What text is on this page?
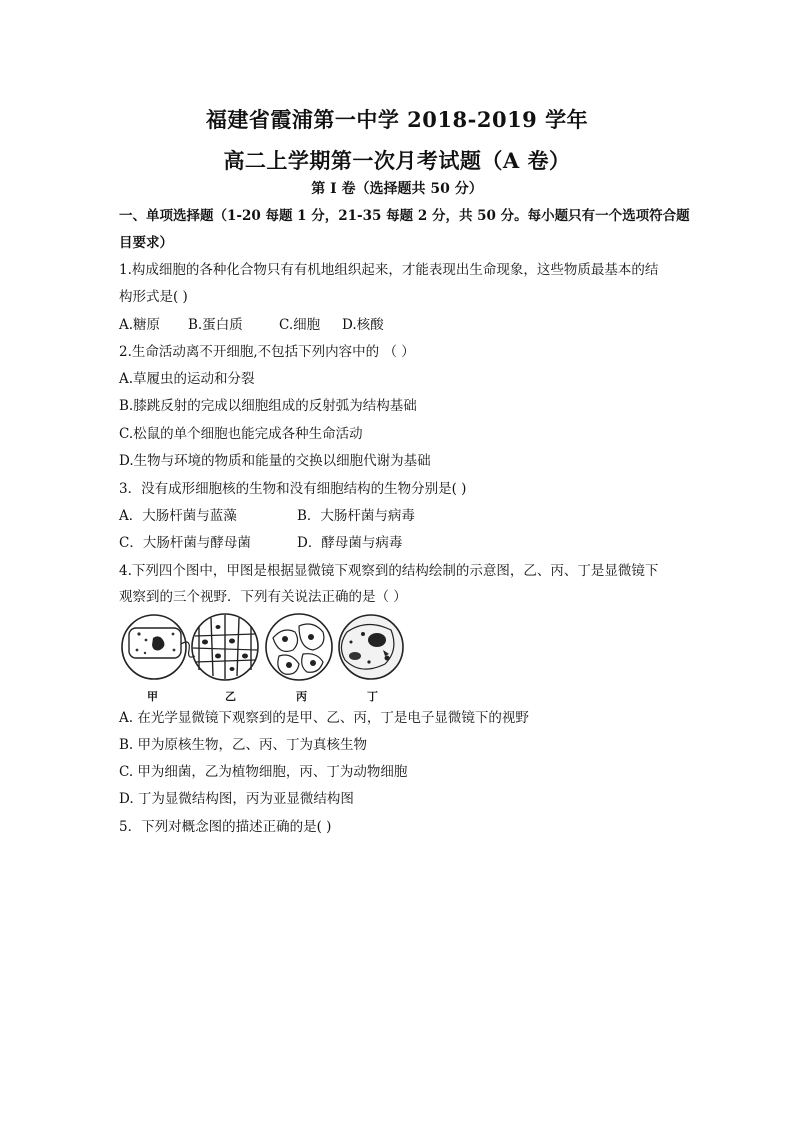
福建省霞浦第一中学 2018-2019 学年
高二上学期第一次月考试题（A 卷）
第 I 卷（选择题共 50 分）
一、单项选择题（1-20 每题 1 分，21-35 每题 2 分，共 50 分。每小题只有一个选项符合题
目要求）
1.构成细胞的各种化合物只有有机地组织起来，才能表现出生命现象，这些物质最基本的结
构形式是( )
A.糖原 B.蛋白质	C.细胞 D.核酸
2.生命活动离不开细胞,不包括下列内容中的 （ ）
A.草履虫的运动和分裂
B.膝跳反射的完成以细胞组成的反射弧为结构基础
C.松鼠的单个细胞也能完成各种生命活动
D.生物与环境的物质和能量的交换以细胞代谢为基础
3．没有成形细胞核的生物和没有细胞结构的生物分别是( )
A．大肠杆菌与蓝藻	B．大肠杆菌与病毒
C．大肠杆菌与酵母菌	D．酵母菌与病毒
4.下列四个图中，甲图是根据显微镜下观察到的结构绘制的示意图，乙、丙、丁是显微镜下
观察到的三个视野．下列有关说法正确的是（ ）
甲	乙	丙	丁
A. 在光学显微镜下观察到的是甲、乙、丙，丁是电子显微镜下的视野
B. 甲为原核生物，乙、丙、丁为真核生物
C. 甲为细菌，乙为植物细胞，丙、丁为动物细胞
D. 丁为显微结构图，丙为亚显微结构图
5．下列对概念图的描述正确的是( )
